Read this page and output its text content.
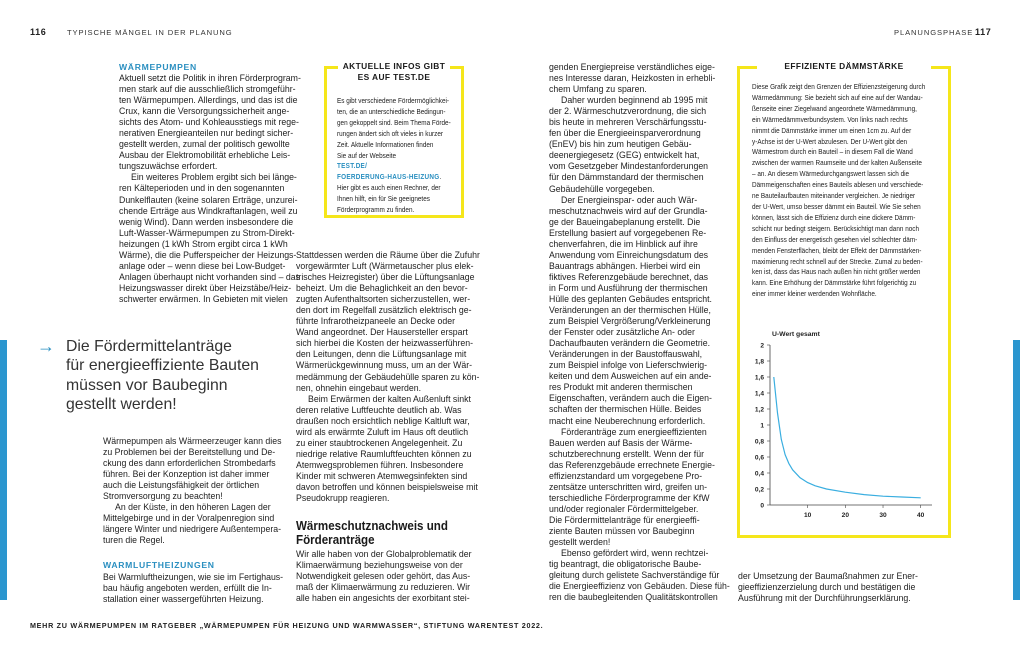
116	TYPISCHE MÄNGEL IN DER PLANUNG	PLANUNGSPHASE 117
WÄRMEPUMPEN
Aktuell setzt die Politik in ihren Förderprogram-
men stark auf die ausschließlich stromgeführ-
ten Wärmepumpen. Allerdings, und das ist die
Crux, kann die Versorgungssicherheit ange-
sichts des Atom- und Kohleausstiegs mit rege-
nerativen Energieanteilen nur bedingt sicher-
gestellt werden, zumal der politisch gewollte
Ausbau der Elektromobilität erhebliche Leis-
tungszuwächse erfordert.
Ein weiteres Problem ergibt sich bei länge-
ren Kälteperioden und in den sogenannten
Dunkelflauten (keine solaren Erträge, unzurei-
chende Erträge aus Windkraftanlagen, weil zu
wenig Wind). Dann werden insbesondere die
Luft-Wasser-Wärmepumpen zu Strom-Direkt-
heizungen (1 kWh Strom ergibt circa 1 kWh
Wärme), die die Pufferspeicher der Heizungs-
anlage oder – wenn diese bei Low-Budget-
Anlagen überhaupt nicht vorhanden sind – das
Heizungswasser direkt über Heizstäbe/Heiz-
schwerter erwärmen. In Gebieten mit vielen
→ Die Fördermittelanträge
für energieeffiziente Bauten
müssen vor Baubeginn
gestellt werden!
Wärmepumpen als Wärmeerzeuger kann dies
zu Problemen bei der Bereitstellung und De-
ckung des dann erforderlichen Strombedarfs
führen. Bei der Konzeption ist daher immer
auch die Leistungsfähigkeit der örtlichen
Stromversorgung zu beachten!
An der Küste, in den höheren Lagen der
Mittelgebirge und in der Voralpenregion sind
längere Winter und niedrigere Außentempera-
turen die Regel.
WARMLUFTHEIZUNGEN
Bei Warmluftheizungen, wie sie im Fertighaus-
bau häufig angeboten werden, erfüllt die In-
stallation einer wassergeführten Heizung.
AKTUELLE INFOS GIBT
ES AUF TEST.DE
Es gibt verschiedene Fördermöglichkei-
ten, die an unterschiedliche Bedingun-
gen gekoppelt sind. Beim Thema Förde-
rungen ändert sich oft vieles in kurzer
Zeit. Aktuelle Informationen finden
Sie auf der Webseite
TEST.DE/
FOERDERUNG-HAUS-HEIZUNG.
Hier gibt es auch einen Rechner, der
Ihnen hilft, ein für Sie geeignetes
Förderprogramm zu finden.
Stattdessen werden die Räume über die Zufuhr
vorgewärmter Luft (Wärmetauscher plus elek-
trisches Heizregister) über die Lüftungsanlage
beheizt. Um die Behaglichkeit an den bevor-
zugten Aufenthaltsorten sicherzustellen, wer-
den dort im Regelfall zusätzlich elektrisch ge-
führte Infrarotheizpaneele an Decke oder
Wand angeordnet. Der Hausersteller erspart
sich hierbei die Kosten der heizwasserführen-
den Leitungen, denn die Lüftungsanlage mit
Wärmerückgewinnung muss, um an der Wär-
medämmung der Gebäudehülle sparen zu kön-
nen, ohnehin eingebaut werden.
Beim Erwärmen der kalten Außenluft sinkt
deren relative Luftfeuchte deutlich ab. Was
draußen noch ersichtlich neblige Kaltluft war,
wird als erwärmte Zuluft im Haus oft deutlich
zu einer staubtrockenen Angelegenheit. Zu
niedrige relative Raumluftfeuchten können zu
Atemwegsproblemen führen. Insbesondere
Kinder mit schweren Atemwegsinfekten sind
davon betroffen und können beispielsweise mit
Pseudokrupp reagieren.
Wärmeschutznachweis und
Förderanträge
Wir alle haben von der Globalproblematik der
Klimaerwärmung beziehungsweise von der
Notwendigkeit gelesen oder gehört, das Aus-
maß der Klimaerwärmung zu reduzieren. Wir
alle haben ein angesichts der exorbitant stei-
genden Energiepreise verständliches eige-
nes Interesse daran, Heizkosten in erhebli-
chem Umfang zu sparen.
Daher wurden beginnend ab 1995 mit
der 2. Wärmeschutzverordnung, die sich
bis heute in mehreren Verschärfungsstu-
fen über die Energieeinsparverordnung
(EnEV) bis hin zum heutigen Gebäu-
deenergiegesetz (GEG) entwickelt hat,
vom Gesetzgeber Mindestanforderungen
für den Dämmstandard der thermischen
Gebäudehülle vorgegeben.
Der Energieinspar- oder auch Wär-
meschutznachweis wird auf der Grundla-
ge der Baueingabeplanung erstellt. Die
Erstellung basiert auf vorgegebenen Re-
chenverfahren, die im Hinblick auf ihre
Anwendung vom Einreichungsdatum des
Bauantrags abhängen. Hierbei wird ein
fiktives Referenzgebäude berechnet, das
in Form und Ausführung der thermischen
Hülle des geplanten Gebäudes entspricht.
Veränderungen an der thermischen Hülle,
zum Beispiel Vergrößerung/Verkleinerung
der Fenster oder zusätzliche An- oder
Dachaufbauten verändern die Geometrie.
Veränderungen in der Baustoffauswahl,
zum Beispiel infolge von Lieferschwierig-
keiten und dem Ausweichen auf ein ande-
res Produkt mit anderen thermischen
Eigenschaften, verändern auch die Eigen-
schaften der thermischen Hülle. Beides
macht eine Neuberechnung erforderlich.
Förderanträge zum energieeffizienten
Bauen werden auf Basis der Wärme-
schutzberechnung erstellt. Wenn der für
das Referenzgebäude errechnete Energie-
effizienzstandard um vorgegebene Pro-
zentsätze unterschritten wird, greifen un-
terschiedliche Förderprogramme der KfW
und/oder regionaler Fördermittelgeber.
Die Fördermittelanträge für energieeffi-
ziente Bauten müssen vor Baubeginn
gestellt werden!
Ebenso gefördert wird, wenn rechtzei-
tig beantragt, die obligatorische Baube-
gleitung durch gelistete Sachverständige für
die Energieeffizienz von Gebäuden. Diese füh-
ren die baubegleitenden Qualitätskontrollen
EFFIZIENTE DÄMMSTÄRKE
Diese Grafik zeigt den Grenzen der Effizienzsteigerung durch
Wärmedämmung: Sie bezieht sich auf eine auf der Wandau-
ßenseite einer Ziegelwand angeordnete Wärmedämmung,
ein Wärmedämmverbundsystem. Von links nach rechts
nimmt die Dämmstärke immer um einen 1cm zu. Auf der
y-Achse ist der U-Wert abzulesen. Der U-Wert gibt den
Wärmestrom durch ein Bauteil – in diesem Fall die Wand
zwischen der warmen Raumseite und der kalten Außenseite
– an. An diesem Wärmedurchgangswert lassen sich die
Dämmeigenschaften eines Bauteils ablesen und verschiede-
ne Bauteilaufbauten miteinander vergleichen. Je niedriger
der U-Wert, umso besser dämmt ein Bauteil. Wie Sie sehen
können, lässt sich die Effizienz durch eine dickere Dämm-
schicht nur bedingt steigern. Berücksichtigt man dann noch
den Einfluss der energetisch gesehen viel schlechter däm-
menden Fensterflächen, bleibt der Effekt der Dämmstärken-
maximierung recht schnell auf der Strecke. Zumal zu beden-
ken ist, dass das Haus nach außen hin nicht größer werden
kann. Eine Erhöhung der Dämmstärke führt folgerichtig zu
einer immer kleiner werdenden Wohnfläche.
U-Wert gesamt
2
1,8
1,6
1,4
1,2
1
0,8
0,6
0,4
0,2
0
10	20	30	40
der Umsetzung der Baumaßnahmen zur Ener-
gieeffizienzerzielung durch und bestätigen die
Ausführung mit der Durchführungserklärung.
MEHR ZU WÄRMEPUMPEN IM RATGEBER „WÄRMEPUMPEN FÜR HEIZUNG UND WARMWASSER“, STIFTUNG WARENTEST 2022.
